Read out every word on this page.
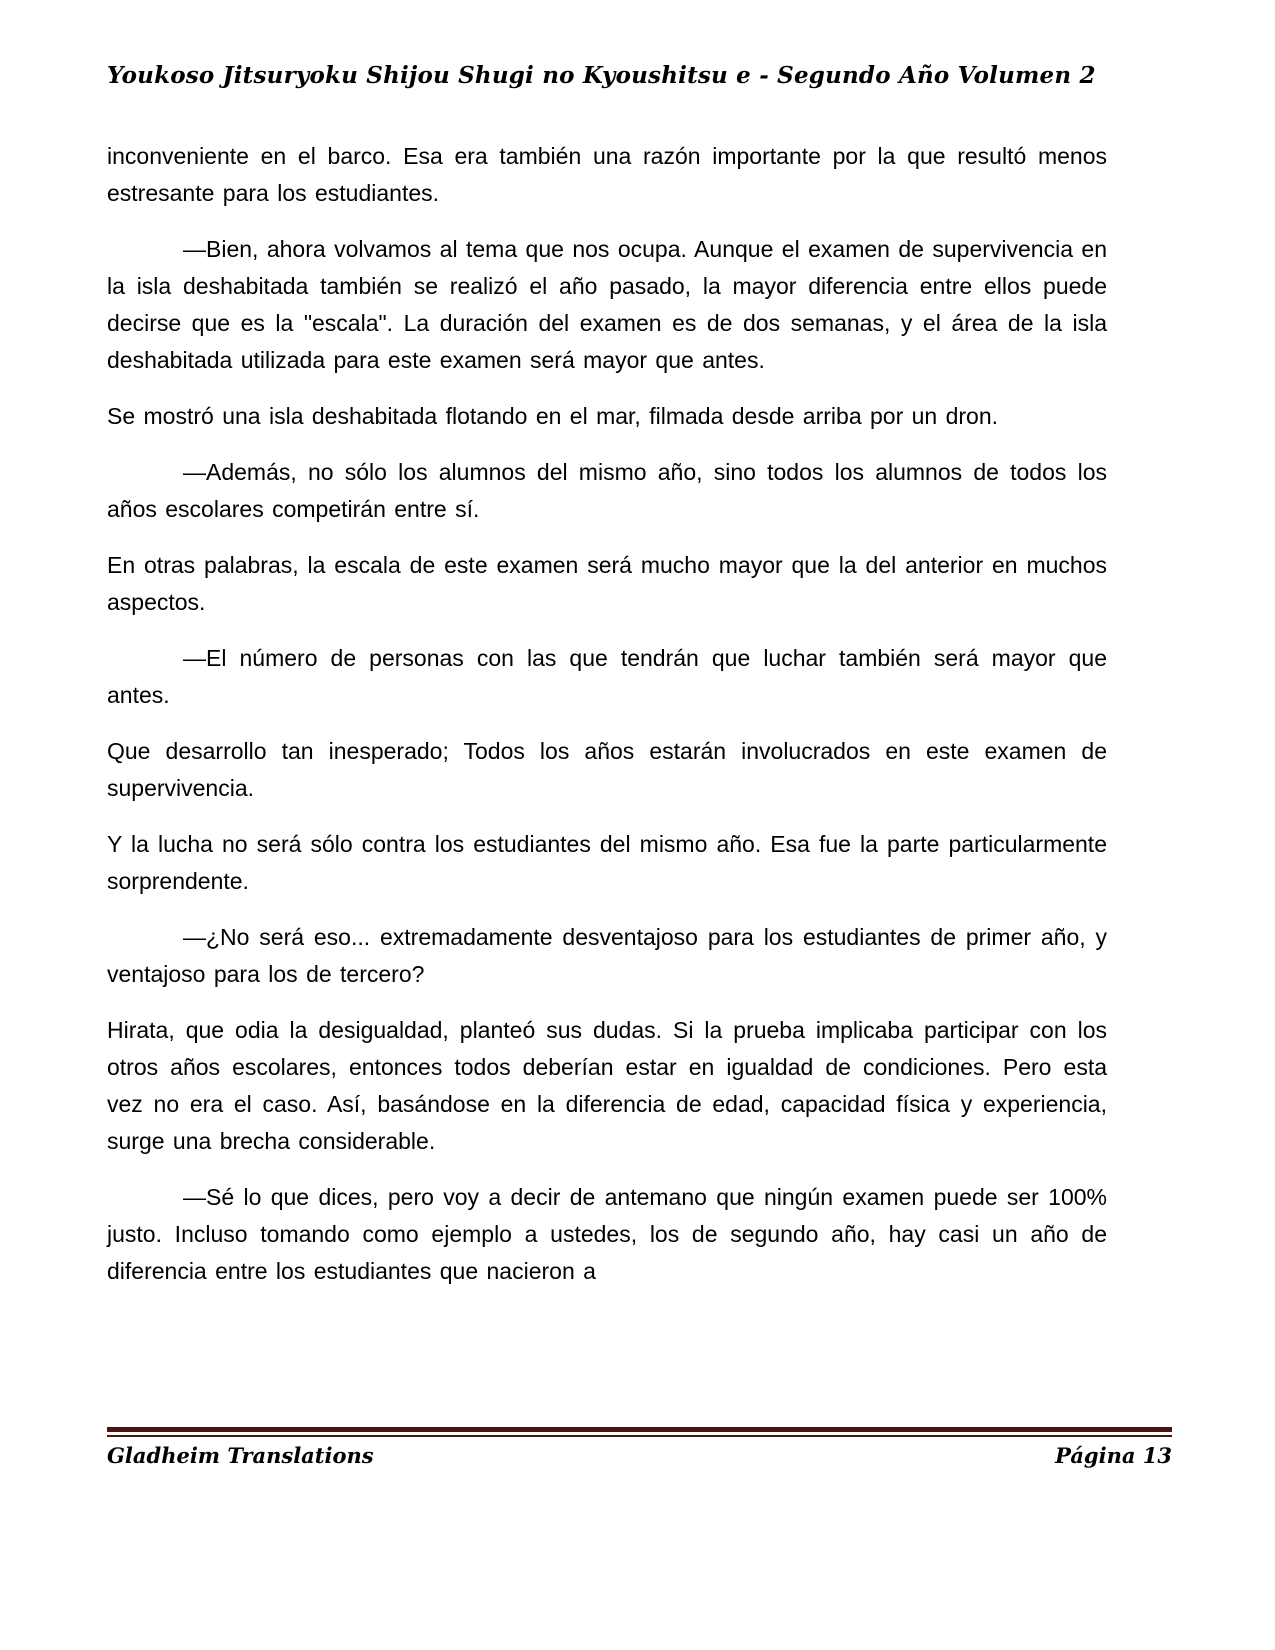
Youkoso Jitsuryoku Shijou Shugi no Kyoushitsu e - Segundo Año Volumen 2

inconveniente en el barco. Esa era también una razón importante por la que resultó menos estresante para los estudiantes.

—Bien, ahora volvamos al tema que nos ocupa. Aunque el examen de supervivencia en la isla deshabitada también se realizó el año pasado, la mayor diferencia entre ellos puede decirse que es la "escala". La duración del examen es de dos semanas, y el área de la isla deshabitada utilizada para este examen será mayor que antes.

Se mostró una isla deshabitada flotando en el mar, filmada desde arriba por un dron.

—Además, no sólo los alumnos del mismo año, sino todos los alumnos de todos los años escolares competirán entre sí.

En otras palabras, la escala de este examen será mucho mayor que la del anterior en muchos aspectos.

—El número de personas con las que tendrán que luchar también será mayor que antes.

Que desarrollo tan inesperado; Todos los años estarán involucrados en este examen de supervivencia.

Y la lucha no será sólo contra los estudiantes del mismo año. Esa fue la parte particularmente sorprendente.

—¿No será eso... extremadamente desventajoso para los estudiantes de primer año, y ventajoso para los de tercero?

Hirata, que odia la desigualdad, planteó sus dudas. Si la prueba implicaba participar con los otros años escolares, entonces todos deberían estar en igualdad de condiciones. Pero esta vez no era el caso. Así, basándose en la diferencia de edad, capacidad física y experiencia, surge una brecha considerable.

—Sé lo que dices, pero voy a decir de antemano que ningún examen puede ser 100% justo. Incluso tomando como ejemplo a ustedes, los de segundo año, hay casi un año de diferencia entre los estudiantes que nacieron a

Gladheim Translations	Página 13
